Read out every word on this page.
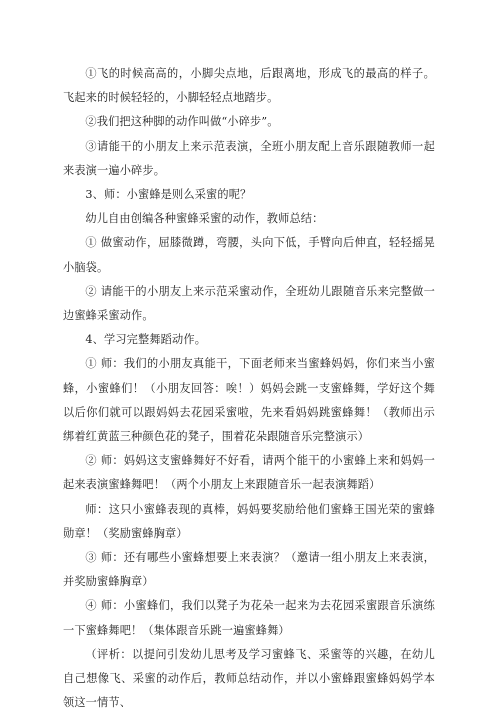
①飞的时候高高的，小脚尖点地，后跟离地，形成飞的最高的样子。飞起来的时候轻轻的，小脚轻轻点地踏步。

②我们把这种脚的动作叫做“小碎步”。

③请能干的小朋友上来示范表演，全班小朋友配上音乐跟随教师一起来表演一遍小碎步。

3、师：小蜜蜂是则么采蜜的呢？

幼儿自由创编各种蜜蜂采蜜的动作，教师总结：

① 做蜜动作，屈膝微蹲，弯腰，头向下低，手臂向后伸直，轻轻摇晃小脑袋。

② 请能干的小朋友上来示范采蜜动作，全班幼儿跟随音乐来完整做一边蜜蜂采蜜动作。

4、学习完整舞蹈动作。

① 师：我们的小朋友真能干，下面老师来当蜜蜂妈妈，你们来当小蜜蜂，小蜜蜂们！（小朋友回答：唉！）妈妈会跳一支蜜蜂舞，学好这个舞以后你们就可以跟妈妈去花园采蜜啦，先来看妈妈跳蜜蜂舞！（教师出示绑着红黄蓝三种颜色花的凳子，围着花朵跟随音乐完整演示）

② 师：妈妈这支蜜蜂舞好不好看，请两个能干的小蜜蜂上来和妈妈一起来表演蜜蜂舞吧！（两个小朋友上来跟随音乐一起表演舞蹈）

师：这只小蜜蜂表现的真棒，妈妈要奖励给他们蜜蜂王国光荣的蜜蜂勋章！（奖励蜜蜂胸章）

③ 师：还有哪些小蜜蜂想要上来表演？（邀请一组小朋友上来表演，并奖励蜜蜂胸章）

④ 师：小蜜蜂们，我们以凳子为花朵一起来为去花园采蜜跟音乐演练一下蜜蜂舞吧！（集体跟音乐跳一遍蜜蜂舞）

（评析：以提问引发幼儿思考及学习蜜蜂飞、采蜜等的兴趣，在幼儿自己想像飞、采蜜的动作后，教师总结动作，并以小蜜蜂跟蜜蜂妈妈学本领这一情节、
